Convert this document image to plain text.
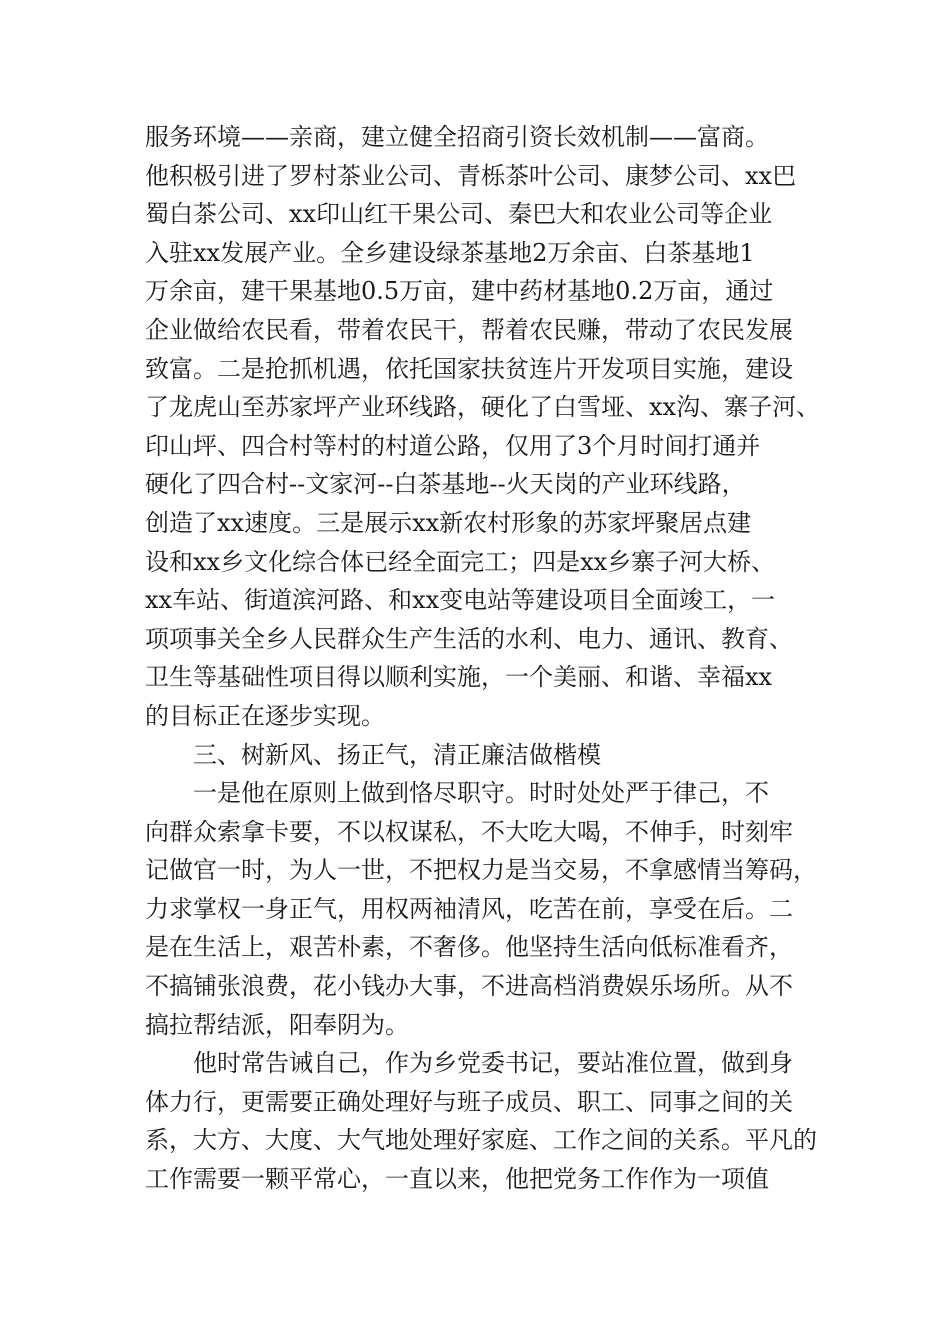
服务环境——亲商，建立健全招商引资长效机制——富商。
他积极引进了罗村茶业公司、青栎茶叶公司、康梦公司、xx巴
蜀白茶公司、xx印山红干果公司、秦巴大和农业公司等企业
入驻xx发展产业。全乡建设绿茶基地2万余亩、白茶基地1
万余亩，建干果基地0.5万亩，建中药材基地0.2万亩，通过
企业做给农民看，带着农民干，帮着农民赚，带动了农民发展
致富。二是抢抓机遇，依托国家扶贫连片开发项目实施，建设
了龙虎山至苏家坪产业环线路，硬化了白雪垭、xx沟、寨子河、
印山坪、四合村等村的村道公路，仅用了3个月时间打通并
硬化了四合村--文家河--白茶基地--火天岗的产业环线路，
创造了xx速度。三是展示xx新农村形象的苏家坪聚居点建
设和xx乡文化综合体已经全面完工；四是xx乡寨子河大桥、
xx车站、街道滨河路、和xx变电站等建设项目全面竣工，一
项项事关全乡人民群众生产生活的水利、电力、通讯、教育、
卫生等基础性项目得以顺利实施，一个美丽、和谐、幸福xx
的目标正在逐步实现。
三、树新风、扬正气，清正廉洁做楷模
一是他在原则上做到恪尽职守。时时处处严于律己，不
向群众索拿卡要，不以权谋私，不大吃大喝，不伸手，时刻牢
记做官一时，为人一世，不把权力是当交易，不拿感情当筹码，
力求掌权一身正气，用权两袖清风，吃苦在前，享受在后。二
是在生活上，艰苦朴素，不奢侈。他坚持生活向低标准看齐，
不搞铺张浪费，花小钱办大事，不进高档消费娱乐场所。从不
搞拉帮结派，阳奉阴为。
他时常告诫自己，作为乡党委书记，要站准位置，做到身
体力行，更需要正确处理好与班子成员、职工、同事之间的关
系，大方、大度、大气地处理好家庭、工作之间的关系。平凡的
工作需要一颗平常心，一直以来，他把党务工作作为一项值
